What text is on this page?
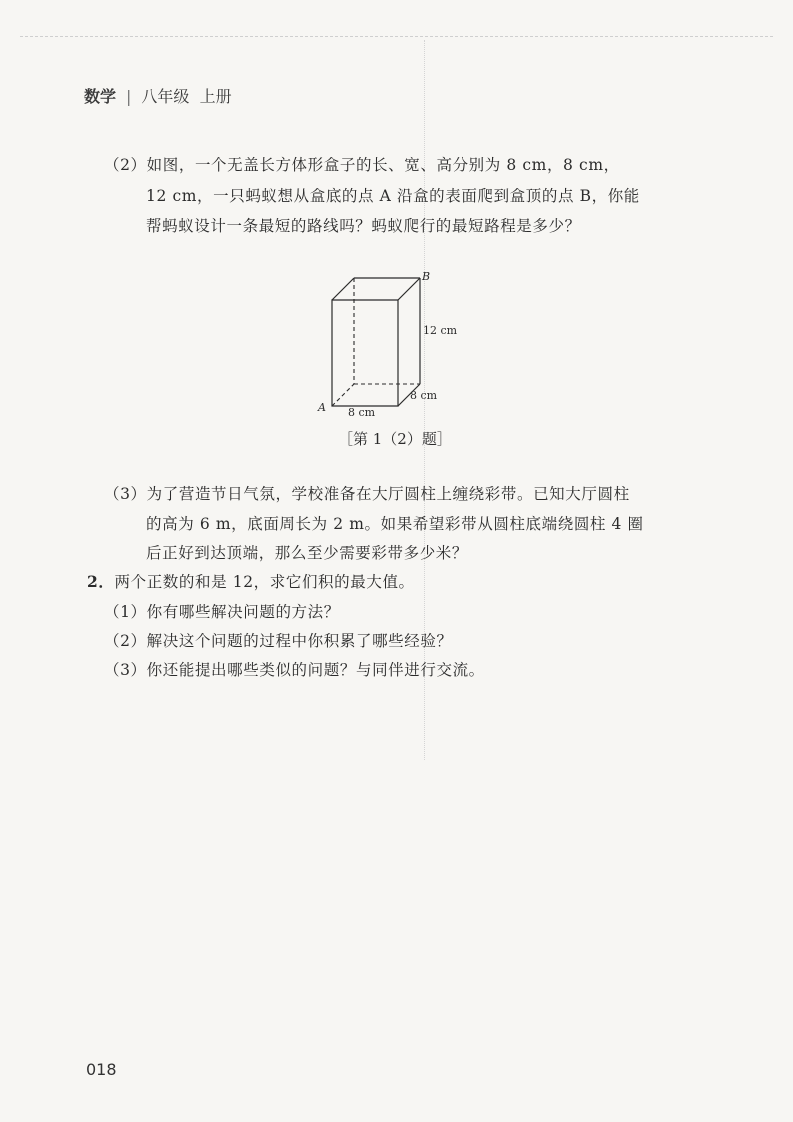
数学 | 八年级 上册
（2）如图，一个无盖长方体形盒子的长、宽、高分别为 8 cm，8 cm，
12 cm，一只蚂蚁想从盒底的点 A 沿盒的表面爬到盒顶的点 B，你能
帮蚂蚁设计一条最短的路线吗？蚂蚁爬行的最短路程是多少？
A
B
12 cm
8 cm
8 cm
［第 1（2）题］
（3）为了营造节日气氛，学校准备在大厅圆柱上缠绕彩带。已知大厅圆柱
的高为 6 m，底面周长为 2 m。如果希望彩带从圆柱底端绕圆柱 4 圈
后正好到达顶端，那么至少需要彩带多少米？
2．两个正数的和是 12，求它们积的最大值。
（1）你有哪些解决问题的方法？
（2）解决这个问题的过程中你积累了哪些经验？
（3）你还能提出哪些类似的问题？与同伴进行交流。
018
